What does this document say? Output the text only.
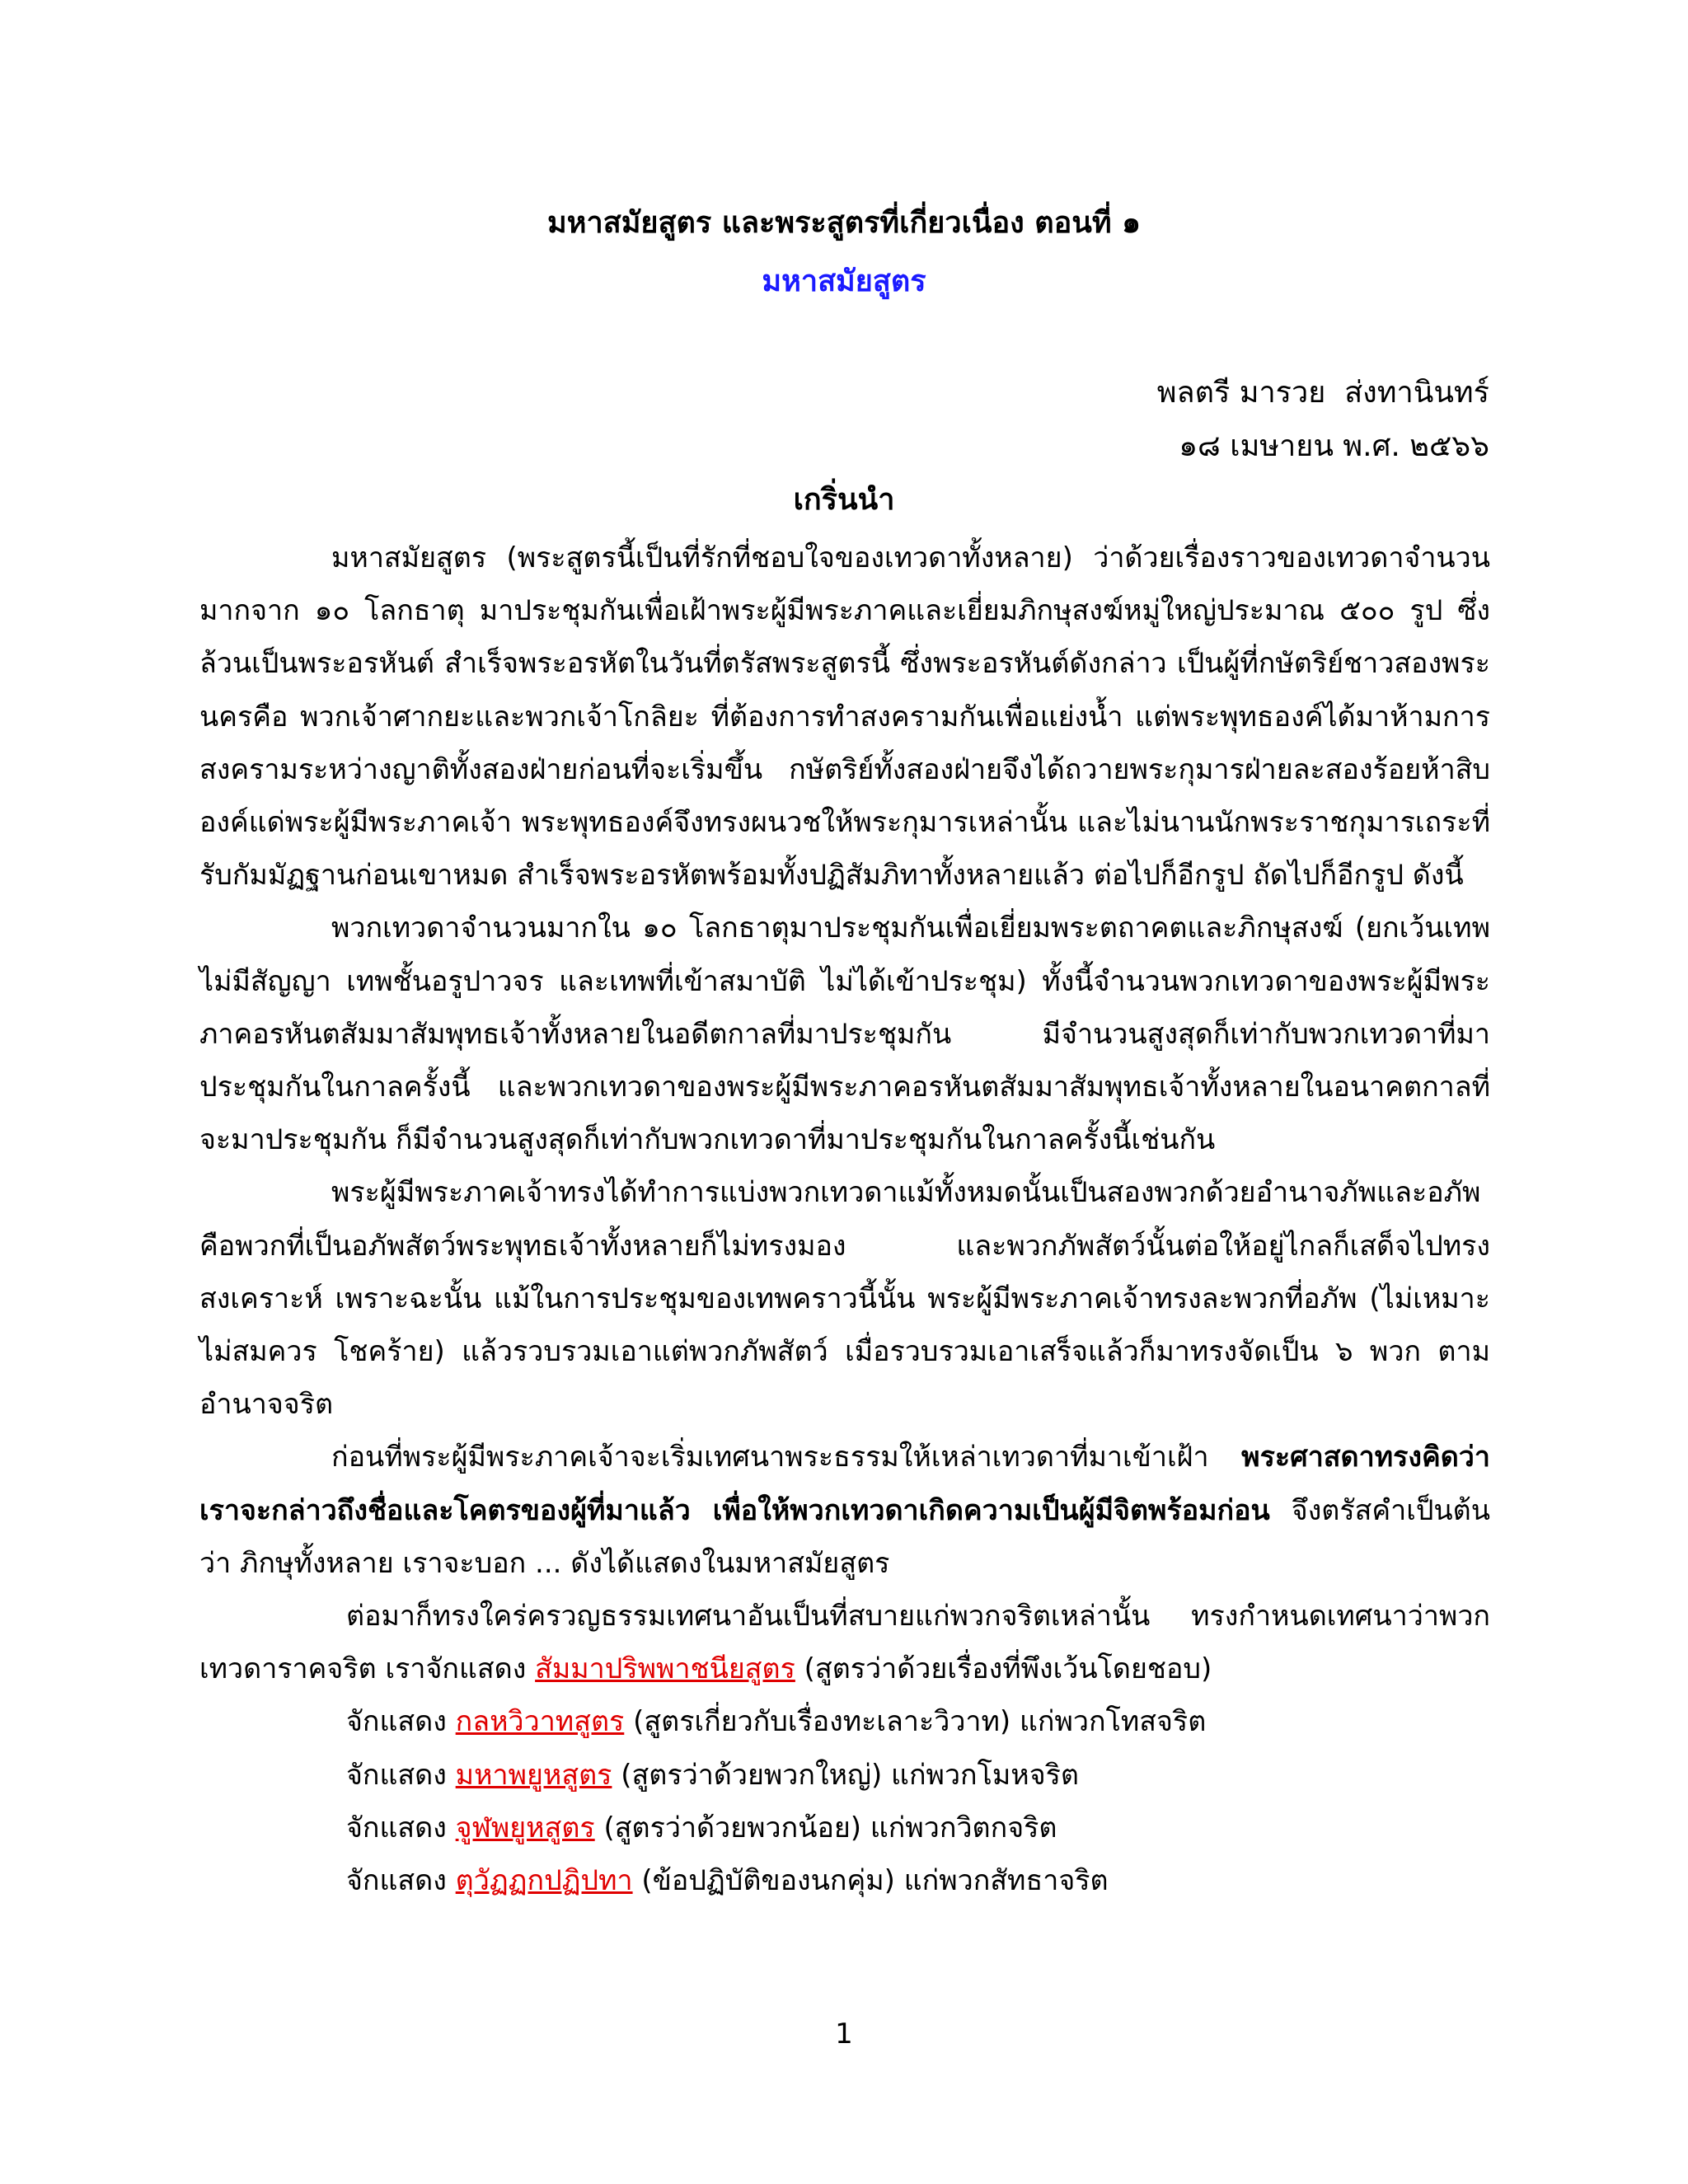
มหาสมัยสูตร และพระสูตรที่เกี่ยวเนื่อง ตอนที่ ๑
มหาสมัยสูตร
พลตรี มารวย  ส่งทานินทร์
๑๘ เมษายน พ.ศ. ๒๕๖๖
เกริ่นนำ

มหาสมัยสูตร (พระสูตรนี้เป็นที่รักที่ชอบใจของเทวดาทั้งหลาย) ว่าด้วยเรื่องราวของเทวดาจำนวนมากจาก ๑๐ โลกธาตุ มาประชุมกันเพื่อเฝ้าพระผู้มีพระภาคและเยี่ยมภิกษุสงฆ์หมู่ใหญ่ประมาณ ๕๐๐ รูป ซึ่งล้วนเป็นพระอรหันต์ สำเร็จพระอรหัตในวันที่ตรัสพระสูตรนี้ ซึ่งพระอรหันต์ดังกล่าว เป็นผู้ที่กษัตริย์ชาวสองพระนครคือ พวกเจ้าศากยะและพวกเจ้าโกลิยะ ที่ต้องการทำสงครามกันเพื่อแย่งน้ำ แต่พระพุทธองค์ได้มาห้ามการสงครามระหว่างญาติทั้งสองฝ่ายก่อนที่จะเริ่มขึ้น กษัตริย์ทั้งสองฝ่ายจึงได้ถวายพระกุมารฝ่ายละสองร้อยห้าสิบองค์แด่พระผู้มีพระภาคเจ้า พระพุทธองค์จึงทรงผนวชให้พระกุมารเหล่านั้น และไม่นานนักพระราชกุมารเถระที่รับกัมมัฏฐานก่อนเขาหมด สำเร็จพระอรหัตพร้อมทั้งปฏิสัมภิทาทั้งหลายแล้ว ต่อไปก็อีกรูป ถัดไปก็อีกรูป ดังนี้

พวกเทวดาจำนวนมากใน ๑๐ โลกธาตุมาประชุมกันเพื่อเยี่ยมพระตถาคตและภิกษุสงฆ์ (ยกเว้นเทพไม่มีสัญญา เทพชั้นอรูปาวจร และเทพที่เข้าสมาบัติ ไม่ได้เข้าประชุม) ทั้งนี้จำนวนพวกเทวดาของพระผู้มีพระภาคอรหันตสัมมาสัมพุทธเจ้าทั้งหลายในอดีตกาลที่มาประชุมกัน มีจำนวนสูงสุดก็เท่ากับพวกเทวดาที่มาประชุมกันในกาลครั้งนี้ และพวกเทวดาของพระผู้มีพระภาคอรหันตสัมมาสัมพุทธเจ้าทั้งหลายในอนาคตกาลที่จะมาประชุมกัน ก็มีจำนวนสูงสุดก็เท่ากับพวกเทวดาที่มาประชุมกันในกาลครั้งนี้เช่นกัน

พระผู้มีพระภาคเจ้าทรงได้ทำการแบ่งพวกเทวดาแม้ทั้งหมดนั้นเป็นสองพวกด้วยอำนาจภัพและอภัพ คือพวกที่เป็นอภัพสัตว์พระพุทธเจ้าทั้งหลายก็ไม่ทรงมอง และพวกภัพสัตว์นั้นต่อให้อยู่ไกลก็เสด็จไปทรงสงเคราะห์ เพราะฉะนั้น แม้ในการประชุมของเทพคราวนี้นั้น พระผู้มีพระภาคเจ้าทรงละพวกที่อภัพ (ไม่เหมาะ ไม่สมควร โชคร้าย) แล้วรวบรวมเอาแต่พวกภัพสัตว์ เมื่อรวบรวมเอาเสร็จแล้วก็มาทรงจัดเป็น ๖ พวก ตามอำนาจจริต

ก่อนที่พระผู้มีพระภาคเจ้าจะเริ่มเทศนาพระธรรมให้เหล่าเทวดาที่มาเข้าเฝ้า พระศาสดาทรงคิดว่า เราจะกล่าวถึงชื่อและโคตรของผู้ที่มาแล้ว เพื่อให้พวกเทวดาเกิดความเป็นผู้มีจิตพร้อมก่อน จึงตรัสคำเป็นต้นว่า ภิกษุทั้งหลาย เราจะบอก ... ดังได้แสดงในมหาสมัยสูตร

ต่อมาก็ทรงใคร่ครวญธรรมเทศนาอันเป็นที่สบายแก่พวกจริตเหล่านั้น ทรงกำหนดเทศนาว่าพวกเทวดาราคจริต เราจักแสดง สัมมาปริพพาชนียสูตร (สูตรว่าด้วยเรื่องที่พึงเว้นโดยชอบ)

จักแสดง กลหวิวาทสูตร (สูตรเกี่ยวกับเรื่องทะเลาะวิวาท) แก่พวกโทสจริต

จักแสดง มหาพยูหสูตร (สูตรว่าด้วยพวกใหญ่) แก่พวกโมหจริต

จักแสดง จูฬพยูหสูตร (สูตรว่าด้วยพวกน้อย) แก่พวกวิตกจริต

จักแสดง ตุวัฏฏกปฏิปทา (ข้อปฏิบัติของนกคุ่ม) แก่พวกสัทธาจริต

1
